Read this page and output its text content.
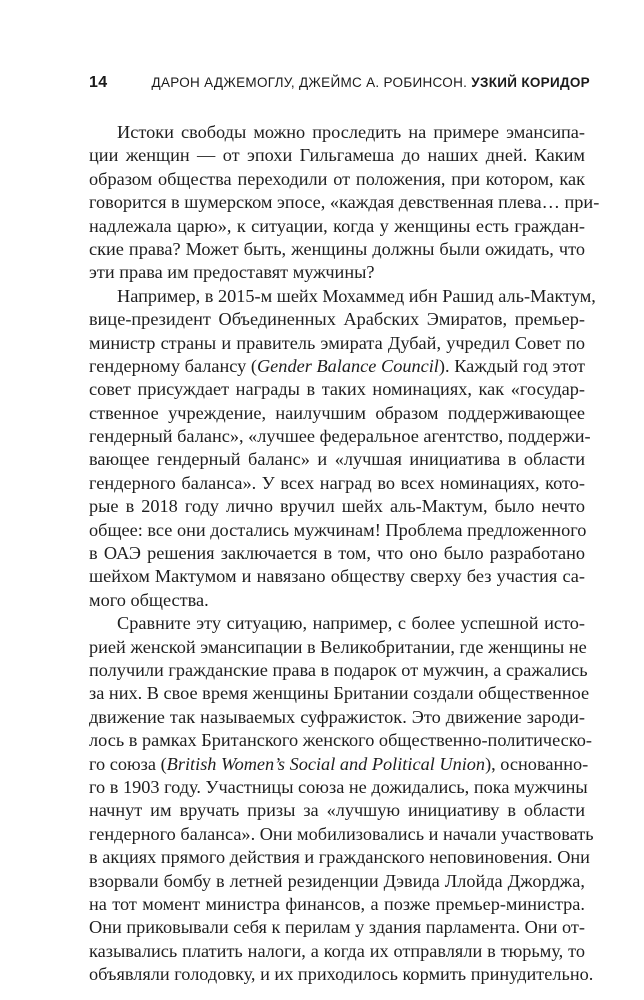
14	ДАРОН АДЖЕМОГЛУ, ДЖЕЙМС А. РОБИНСОН. УЗКИЙ КОРИДОР
Истоки свободы можно проследить на примере эмансипа-
ции женщин — от эпохи Гильгамеша до наших дней. Каким
образом общества переходили от положения, при котором, как
говорится в шумерском эпосе, «каждая девственная плева… при-
надлежала царю», к ситуации, когда у женщины есть граждан-
ские права? Может быть, женщины должны были ожидать, что
эти права им предоставят мужчины?
Например, в 2015-м шейх Мохаммед ибн Рашид аль-Мактум,
вице-президент Объединенных Арабских Эмиратов, премьер-
министр страны и правитель эмирата Дубай, учредил Совет по
гендерному балансу (Gender Balance Council). Каждый год этот
совет присуждает награды в таких номинациях, как «государ-
ственное учреждение, наилучшим образом поддерживающее
гендерный баланс», «лучшее федеральное агентство, поддержи-
вающее гендерный баланс» и «лучшая инициатива в области
гендерного баланса». У всех наград во всех номинациях, кото-
рые в 2018 году лично вручил шейх аль-Мактум, было нечто
общее: все они достались мужчинам! Проблема предложенного
в ОАЭ решения заключается в том, что оно было разработано
шейхом Мактумом и навязано обществу сверху без участия са-
мого общества.
Сравните эту ситуацию, например, с более успешной исто-
рией женской эмансипации в Великобритании, где женщины не
получили гражданские права в подарок от мужчин, а сражались
за них. В свое время женщины Британии создали общественное
движение так называемых суфражисток. Это движение зароди-
лось в рамках Британского женского общественно-политическо-
го союза (British Women’s Social and Political Union), основанно-
го в 1903 году. Участницы союза не дожидались, пока мужчины
начнут им вручать призы за «лучшую инициативу в области
гендерного баланса». Они мобилизовались и начали участвовать
в акциях прямого действия и гражданского неповиновения. Они
взорвали бомбу в летней резиденции Дэвида Ллойда Джорджа,
на тот момент министра финансов, а позже премьер-министра.
Они приковывали себя к перилам у здания парламента. Они от-
казывались платить налоги, а когда их отправляли в тюрьму, то
объявляли голодовку, и их приходилось кормить принудительно.
